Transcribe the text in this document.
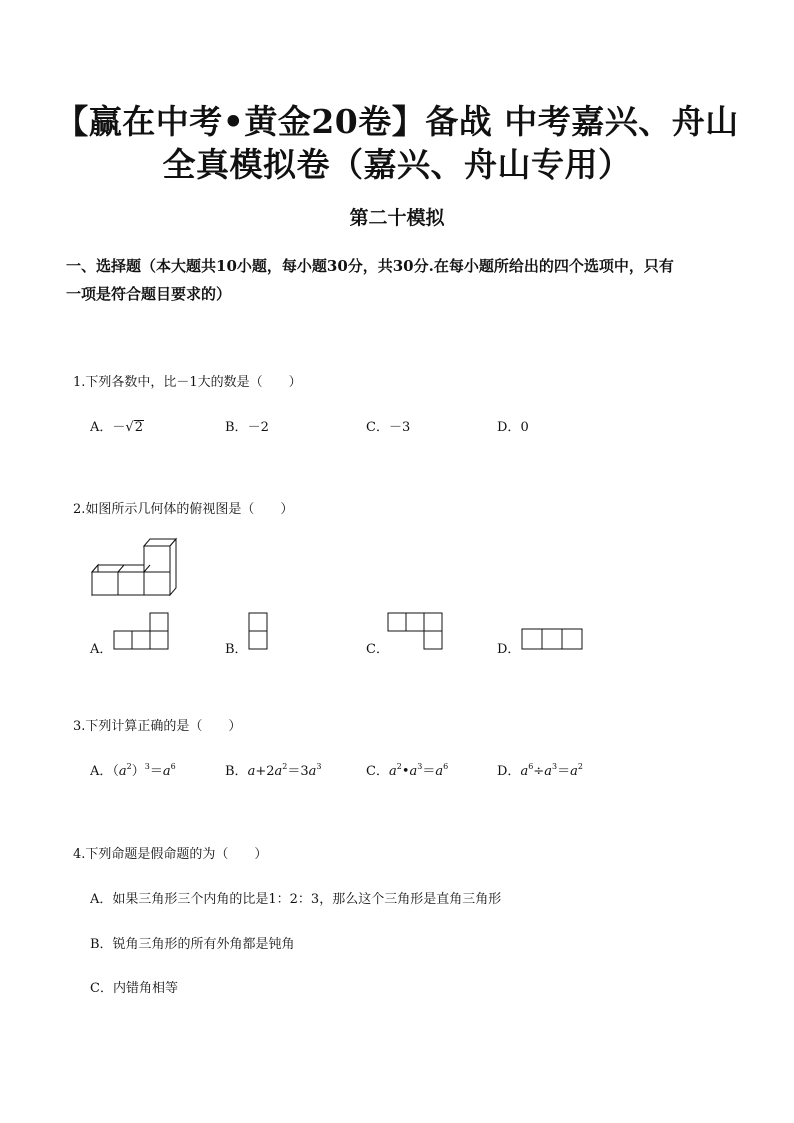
【赢在中考•黄金20卷】备战 中考嘉兴、舟山
全真模拟卷（嘉兴、舟山专用）
第二十模拟
一、选择题（本大题共10小题，每小题30分，共30分.在每小题所给出的四个选项中，只有
一项是符合题目要求的）
1.下列各数中，比－1大的数是（　　）
A．－√2	B．－2	C．－3	D．0
2.如图所示几何体的俯视图是（　　）
A．	B．	C．	D．
3.下列计算正确的是（　　）
A．$(a^2)^3=a^6$	B．$a+2a^2=3a^3$	C．$a^2•a^3=a^6$	D．$a^6\div a^3=a^2$
4.下列命题是假命题的为（　　）
A．如果三角形三个内角的比是1：2：3，那么这个三角形是直角三角形
B．锐角三角形的所有外角都是钝角
C．内错角相等
